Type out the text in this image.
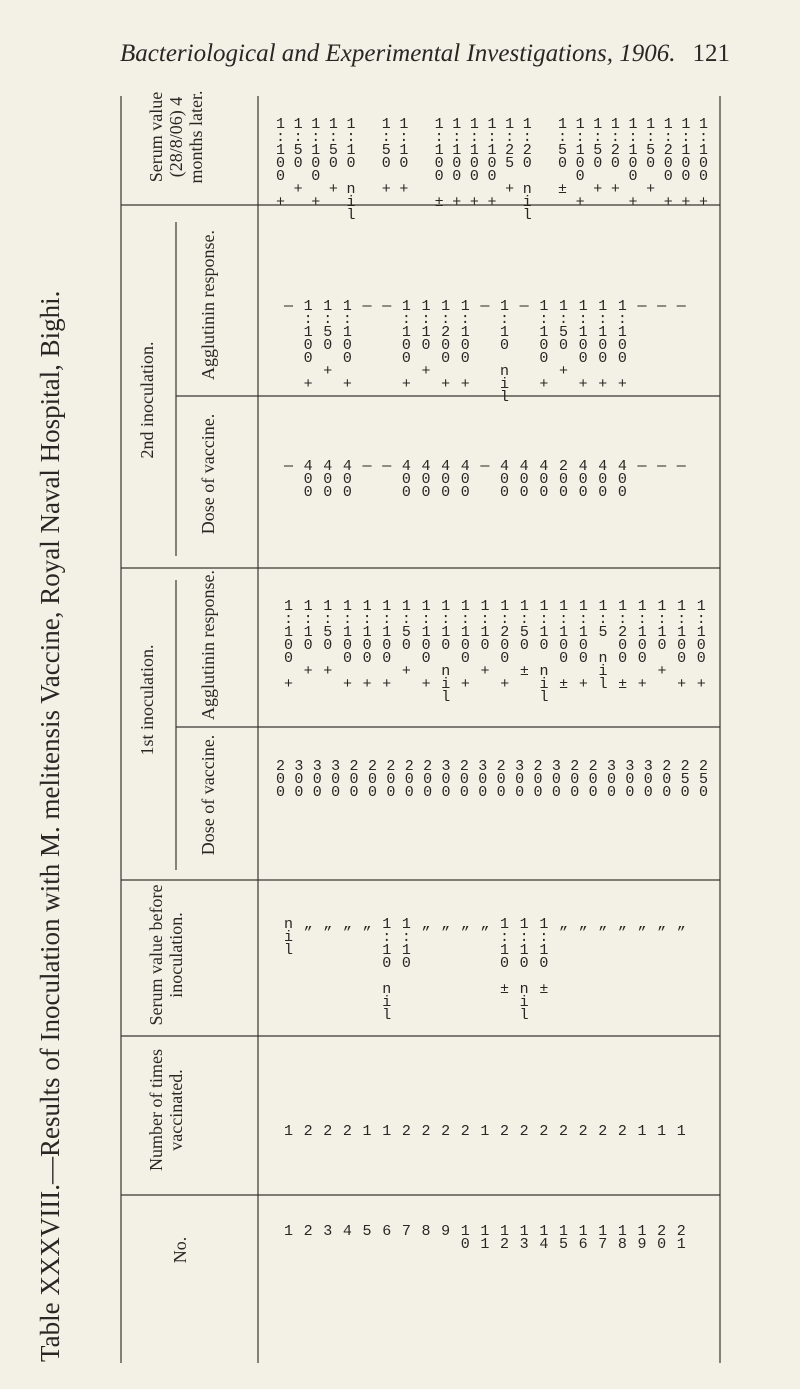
Bacteriological and Experimental Investigations, 1906. 121
Table XXXVIII.—Results of Inoculation with M. melitensis Vaccine, Royal Naval Hospital, Bighi.
Serum value (28/8/06) 4 months later.
2nd inoculation.
Agglutinin response.
Dose of vaccine.
1st inoculation. Agglutinin response.
Dose of vaccine.
Serum value before inoculation.
Number of times vaccinated.
No.
1
:
1
0
0

+
1
:
5
0

+
1
:
1
0
0

+
1
:
5
0

+
1
:
1
0

n
i
l
1
:
5
0

+
1
:
1
0

+
1
:
1
0
0

±
1
:
1
0
0

+
1
:
1
0
0

+
1
:
1
0
0

+
1
:
2
5

+
1
:
2
0

n
i
l
1
:
5
0

±
1
:
1
0
0

+
1
:
5
0

+
1
:
2
0

+
1
:
1
0
0

+
1
:
5
0

+
1
:
2
0
0

+
1
:
1
0
0

+
1
:
1
0
0

+
— 1
:
1
0
0

+
1
:
5
0

+
1
:
1
0
0

+
— — 1
:
1
0
0

+
1
:
1
0

+
1
:
2
0
0

+
1
:
1
0
0

+
— 1
:
1
0

n
i
l
— 1
:
1
0
0

+
1
:
5
0

+
1
:
1
0
0

+
1
:
1
0
0

+
1
:
1
0
0

+
— — —
— 4
0
0
4
0
0
4
0
0
— — 4
0
0
4
0
0
4
0
0
4
0
0
— 4
0
0
4
0
0
4
0
0
2
0
0
4
0
0
4
0
0
4
0
0
— — —
1
:
1
0
0

+
1
:
1
0

+
1
:
5
0

+
1
:
1
0
0

+
1
:
1
0
0

+
1
:
1
0
0

+
1
:
5
0

+
1
:
1
0
0

+
1
:
1
0

n
i
l
1
:
1
0
0

+
1
:
1
0

+
1
:
2
0
0

+
1
:
5
0

±
1
:
1
0

n
i
l
1
:
1
0
0

±
1
:
1
0
0

+
1
:
5

n
i
l
1
:
2
0
0

±
1
:
1
0
0

+
1
:
1
0

+
1
:
1
0
0

+
1
:
1
0
0

+
2
0
0
3
0
0
3
0
0
3
0
0
2
0
0
2
0
0
2
0
0
2
0
0
2
0
0
3
0
0
2
0
0
3
0
0
2
0
0
3
0
0
2
0
0
3
0
0
2
0
0
2
0
0
3
0
0
3
0
0
3
0
0
2
0
0
2
5
0
2
5
0
n
i
l
„ „ „ „ 1
:
1
0

n
i
l
1
:
1
0
„ „ „ „ 1
:
1
0

±
1
:
1
0

n
i
l
1
:
1
0

±
„ „ „ „ „ „ „
1 2 2 2 1 1 2 2 2 2 1 2 2 2 2 2 2 2 1 1 1
1 2 3 4 5 6 7 8 9 1
0
1
1
1
2
1
3
1
4
1
5
1
6
1
7
1
8
1
9
2
0
2
1
